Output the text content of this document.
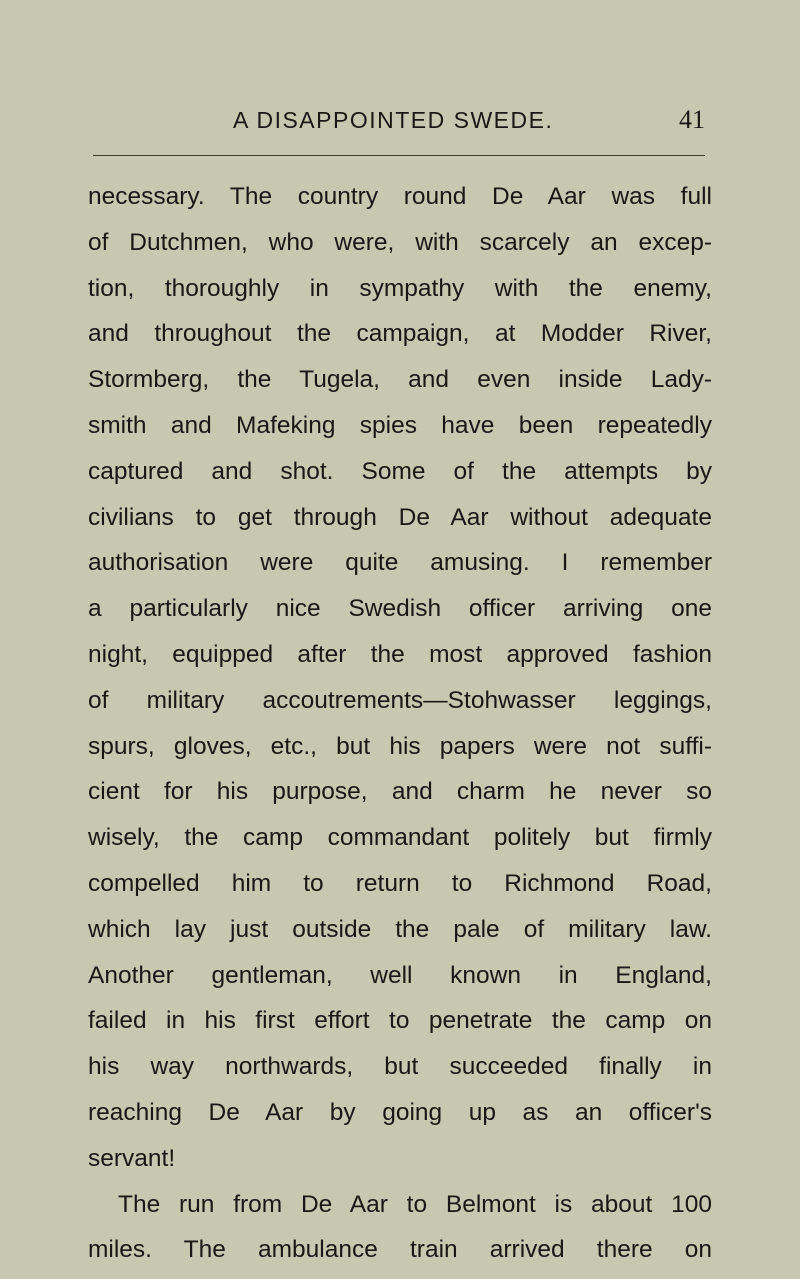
A DISAPPOINTED SWEDE.	41
necessary. The country round De Aar was full
of Dutchmen, who were, with scarcely an excep-
tion, thoroughly in sympathy with the enemy,
and throughout the campaign, at Modder River,
Stormberg, the Tugela, and even inside Lady-
smith and Mafeking spies have been repeatedly
captured and shot. Some of the attempts by
civilians to get through De Aar without adequate
authorisation were quite amusing. I remember
a particularly nice Swedish officer arriving one
night, equipped after the most approved fashion
of military accoutrements—Stohwasser leggings,
spurs, gloves, etc., but his papers were not suffi-
cient for his purpose, and charm he never so
wisely, the camp commandant politely but firmly
compelled him to return to Richmond Road,
which lay just outside the pale of military law.
Another gentleman, well known in England,
failed in his first effort to penetrate the camp on
his way northwards, but succeeded finally in
reaching De Aar by going up as an officer's
servant!
The run from De Aar to Belmont is about 100
miles. The ambulance train arrived there on
